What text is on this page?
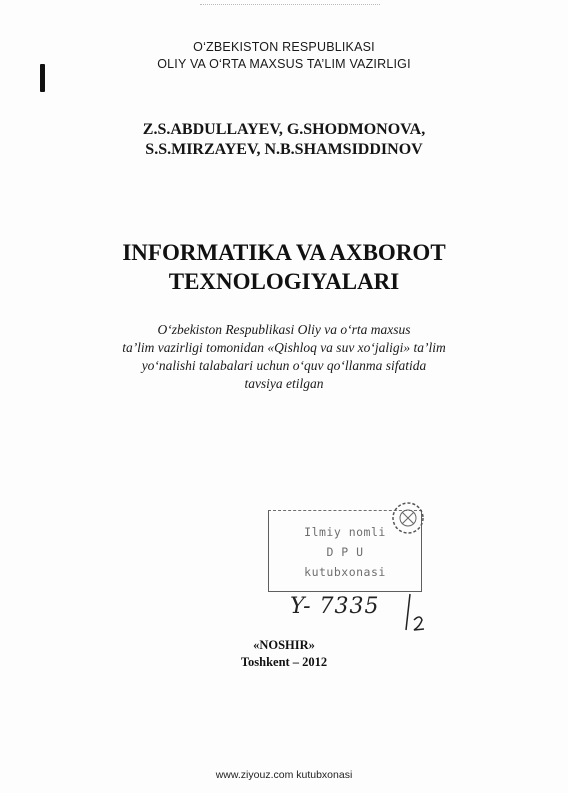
O‘ZBEKISTON RESPUBLIKASI
OLIY VA O‘RTA MAXSUS TA’LIM VAZIRLIGI
Z.S.ABDULLAYEV, G.SHODMONOVA,
S.S.MIRZAYEV, N.B.SHAMSIDDINOV
INFORMATIKA VA AXBOROT
TEXNOLOGIYALARI
O‘zbekiston Respublikasi Oliy va o‘rta maxsus
ta’lim vazirligi tomonidan «Qishloq va suv xo‘jaligi» ta’lim
yo‘nalishi talabalari uchun o‘quv qo‘llanma sifatida
tavsiya etilgan
Ilmiy nomli
D P U
kutubxonasi
Y- 7335
«NOSHIR»
Toshkent – 2012
www.ziyouz.com kutubxonasi
